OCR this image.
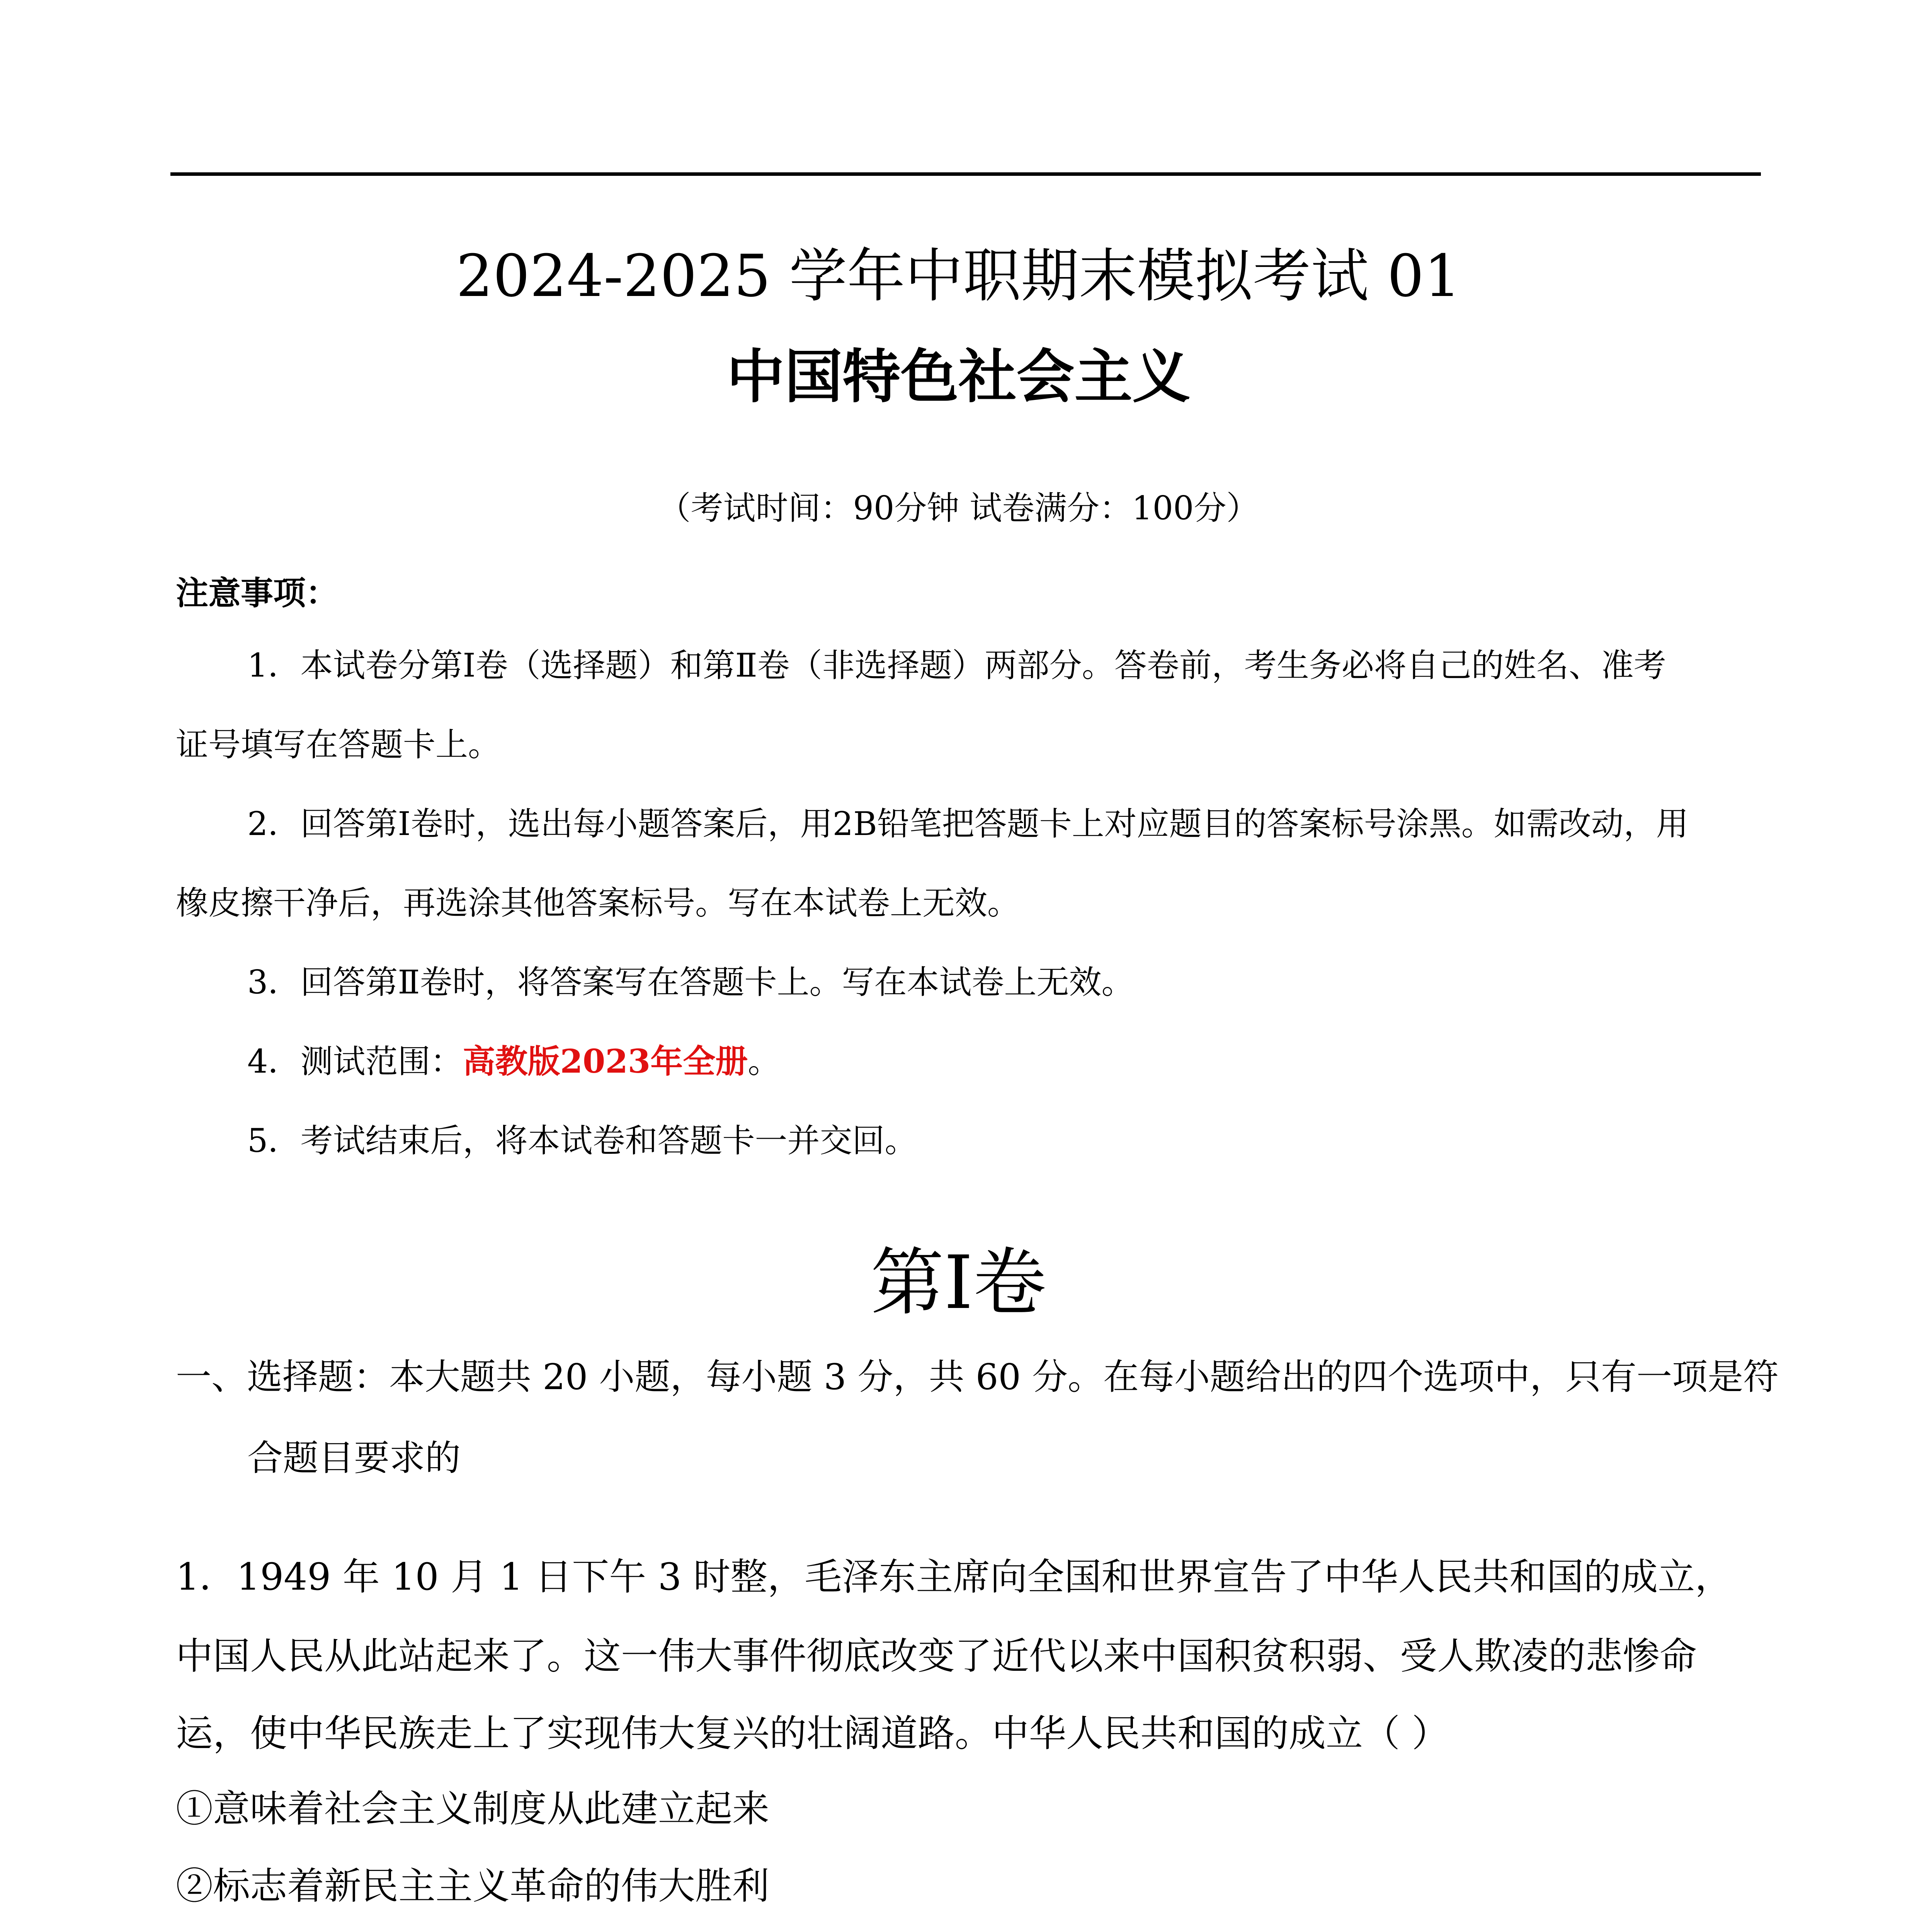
2024-2025 学年中职期末模拟考试 01
中国特色社会主义
（考试时间：90分钟 试卷满分：100分）
注意事项：
1．本试卷分第Ⅰ卷（选择题）和第Ⅱ卷（非选择题）两部分。答卷前，考生务必将自己的姓名、准考
证号填写在答题卡上。
2．回答第Ⅰ卷时，选出每小题答案后，用2B铅笔把答题卡上对应题目的答案标号涂黑。如需改动，用
橡皮擦干净后，再选涂其他答案标号。写在本试卷上无效。
3．回答第Ⅱ卷时，将答案写在答题卡上。写在本试卷上无效。
4．测试范围：高教版2023年全册。
5．考试结束后，将本试卷和答题卡一并交回。
第Ⅰ卷
一、选择题：本大题共 20 小题，每小题 3 分，共 60 分。在每小题给出的四个选项中，只有一项是符
合题目要求的
1．1949 年 10 月 1 日下午 3 时整，毛泽东主席向全国和世界宣告了中华人民共和国的成立，
中国人民从此站起来了。这一伟大事件彻底改变了近代以来中国积贫积弱、受人欺凌的悲惨命
运，使中华民族走上了实现伟大复兴的壮阔道路。中华人民共和国的成立（ ）
①意味着社会主义制度从此建立起来
②标志着新民主主义革命的伟大胜利
